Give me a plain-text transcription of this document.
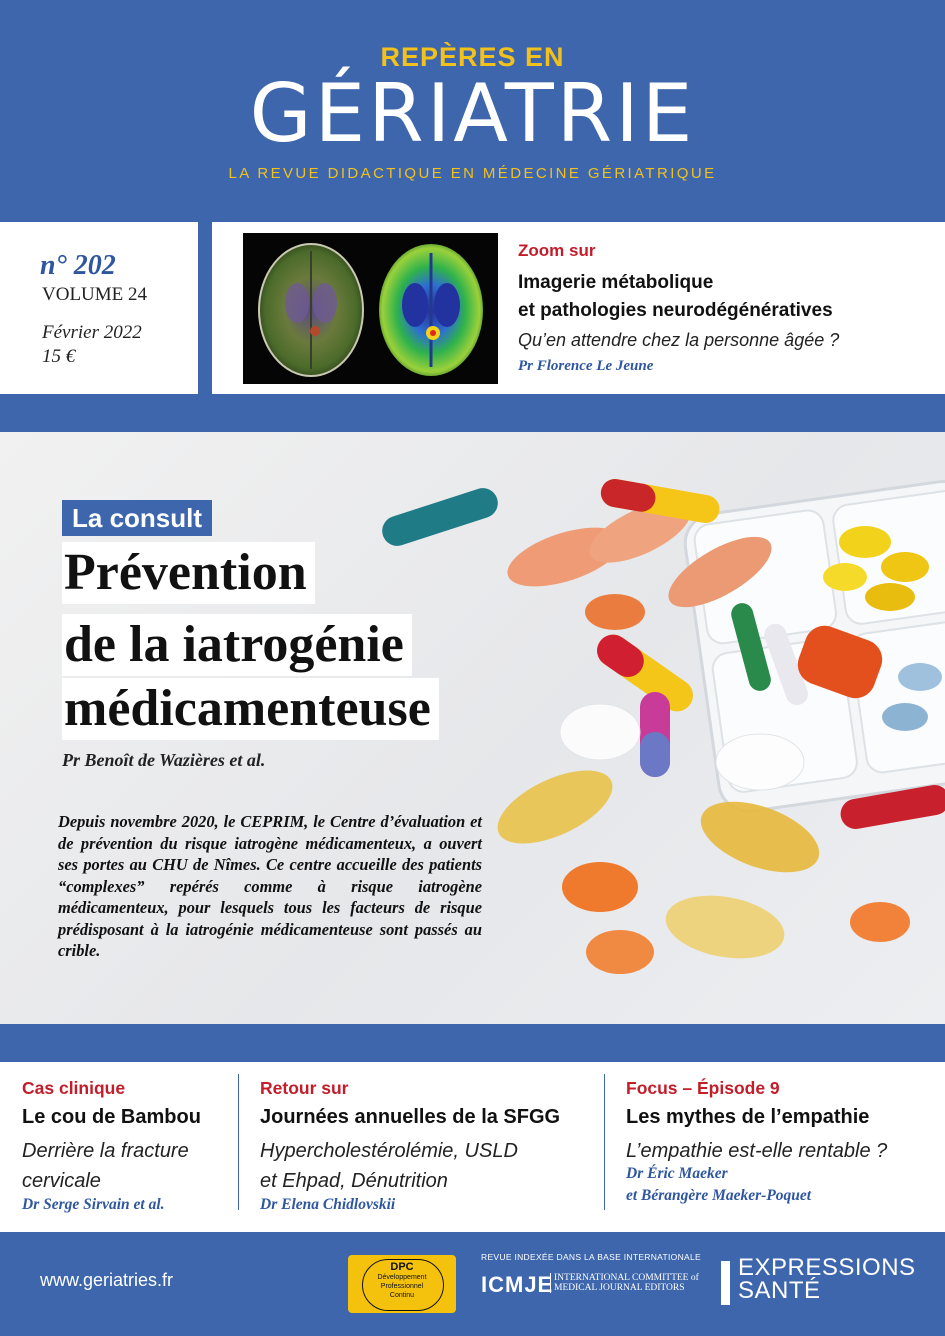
REPÈRES EN
GÉRIATRIE
LA REVUE DIDACTIQUE EN MÉDECINE GÉRIATRIQUE
n° 202
VOLUME 24
Février 2022
15 €
Zoom sur
Imagerie métabolique
et pathologies neurodégénératives
Qu’en attendre chez la personne âgée ?
Pr Florence Le Jeune
La consult
Prévention
de la iatrogénie
médicamenteuse
Pr Benoît de Wazières et al.
Depuis novembre 2020, le CEPRIM, le Centre d’évaluation et de prévention du risque iatrogène médicamenteux, a ouvert ses portes au CHU de Nîmes. Ce centre accueille des patients “complexes” repérés comme à risque iatrogène médicamenteux, pour lesquels tous les facteurs de risque prédisposant à la iatrogénie médicamenteuse sont passés au crible.
Cas clinique
Le cou de Bambou
Derrière la fracture
cervicale
Dr Serge Sirvain et al.
Retour sur
Journées annuelles de la SFGG
Hypercholestérolémie, USLD
et Ehpad, Dénutrition
Dr Elena Chidlovskii
Focus – Épisode 9
Les mythes de l’empathie
L’empathie est-elle rentable ?
Dr Éric Maeker
et Bérangère Maeker-Poquet
www.geriatries.fr
DPC
Développement
Professionnel
Continu
REVUE INDEXÉE DANS LA BASE INTERNATIONALE
ICMJE INTERNATIONAL COMMITTEE of
MEDICAL JOURNAL EDITORS
EXPRESSIONS
SANTÉ
